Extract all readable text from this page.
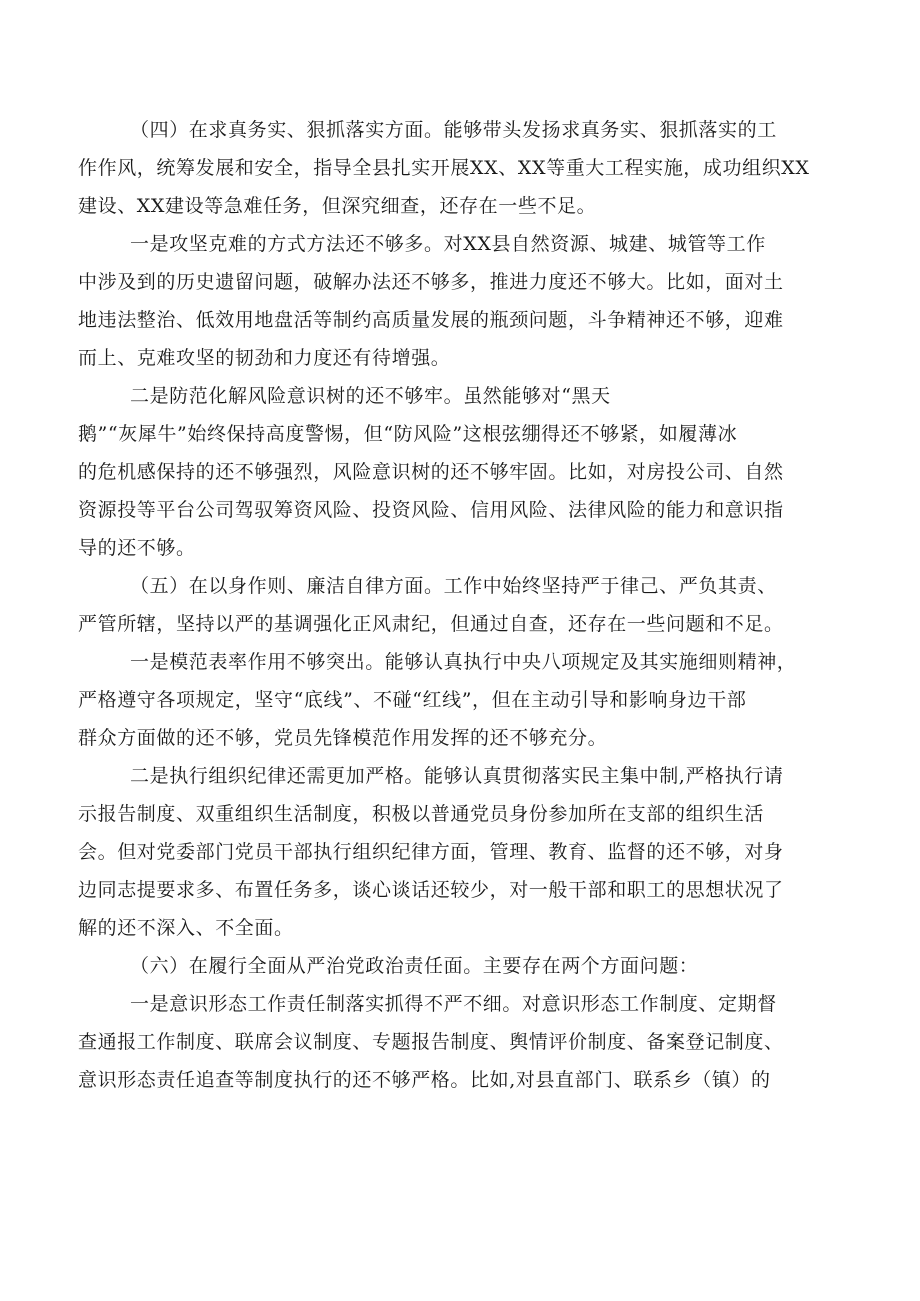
（四）在求真务实、狠抓落实方面。能够带头发扬求真务实、狠抓落实的工
作作风，统筹发展和安全，指导全县扎实开展XX、XX等重大工程实施，成功组织XX
建设、XX建设等急难任务，但深究细查，还存在一些不足。
一是攻坚克难的方式方法还不够多。对XX县自然资源、城建、城管等工作
中涉及到的历史遗留问题，破解办法还不够多，推进力度还不够大。比如，面对土
地违法整治、低效用地盘活等制约高质量发展的瓶颈问题，斗争精神还不够，迎难
而上、克难攻坚的韧劲和力度还有待增强。
二是防范化解风险意识树的还不够牢。虽然能够对“黑天
鹅”“灰犀牛”始终保持高度警惕，但“防风险”这根弦绷得还不够紧，如履薄冰
的危机感保持的还不够强烈，风险意识树的还不够牢固。比如，对房投公司、自然
资源投等平台公司驾驭筹资风险、投资风险、信用风险、法律风险的能力和意识指
导的还不够。
（五）在以身作则、廉洁自律方面。工作中始终坚持严于律己、严负其责、
严管所辖，坚持以严的基调强化正风肃纪，但通过自查，还存在一些问题和不足。
一是模范表率作用不够突出。能够认真执行中央八项规定及其实施细则精神，
严格遵守各项规定，坚守“底线”、不碰“红线”，但在主动引导和影响身边干部
群众方面做的还不够，党员先锋模范作用发挥的还不够充分。
二是执行组织纪律还需更加严格。能够认真贯彻落实民主集中制,严格执行请
示报告制度、双重组织生活制度，积极以普通党员身份参加所在支部的组织生活
会。但对党委部门党员干部执行组织纪律方面，管理、教育、监督的还不够，对身
边同志提要求多、布置任务多，谈心谈话还较少，对一般干部和职工的思想状况了
解的还不深入、不全面。
（六）在履行全面从严治党政治责任面。主要存在两个方面问题：
一是意识形态工作责任制落实抓得不严不细。对意识形态工作制度、定期督
查通报工作制度、联席会议制度、专题报告制度、舆情评价制度、备案登记制度、
意识形态责任追查等制度执行的还不够严格。比如,对县直部门、联系乡（镇）的
